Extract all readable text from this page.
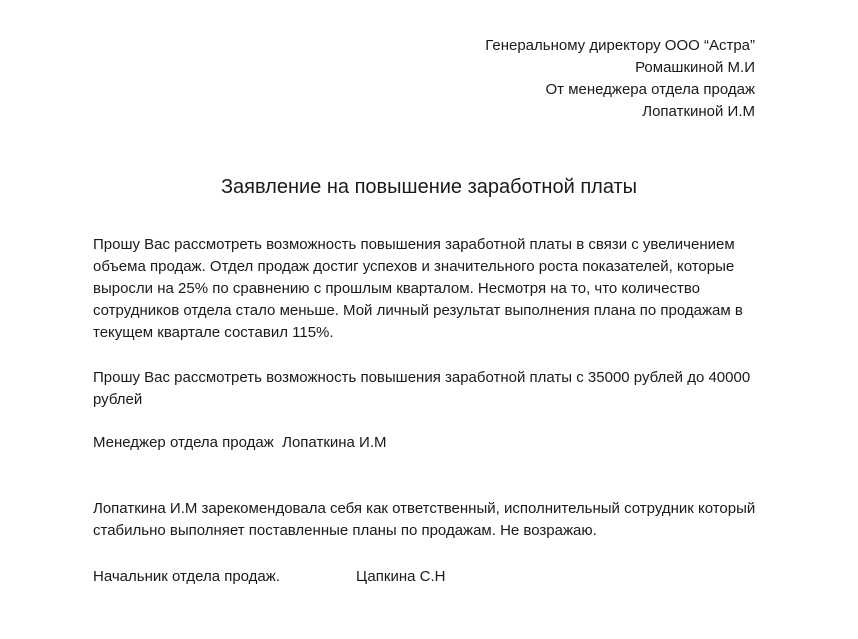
Генеральному директору ООО “Астра”
Ромашкиной М.И
От менеджера отдела продаж
Лопаткиной И.М
Заявление на повышение заработной платы
Прошу Вас рассмотреть возможность повышения заработной платы в связи с увеличением объема продаж. Отдел продаж достиг успехов и значительного роста показателей, которые выросли на 25% по сравнению с прошлым кварталом. Несмотря на то, что количество сотрудников отдела стало меньше. Мой личный результат выполнения плана по продажам в текущем квартале составил 115%.
Прошу Вас рассмотреть возможность повышения заработной платы с 35000 рублей до 40000 рублей
Менеджер отдела продаж  Лопаткина И.М
Лопаткина И.М зарекомендовала себя как ответственный, исполнительный сотрудник который стабильно выполняет поставленные планы по продажам. Не возражаю.
Начальник отдела продаж.	Цапкина С.Н
